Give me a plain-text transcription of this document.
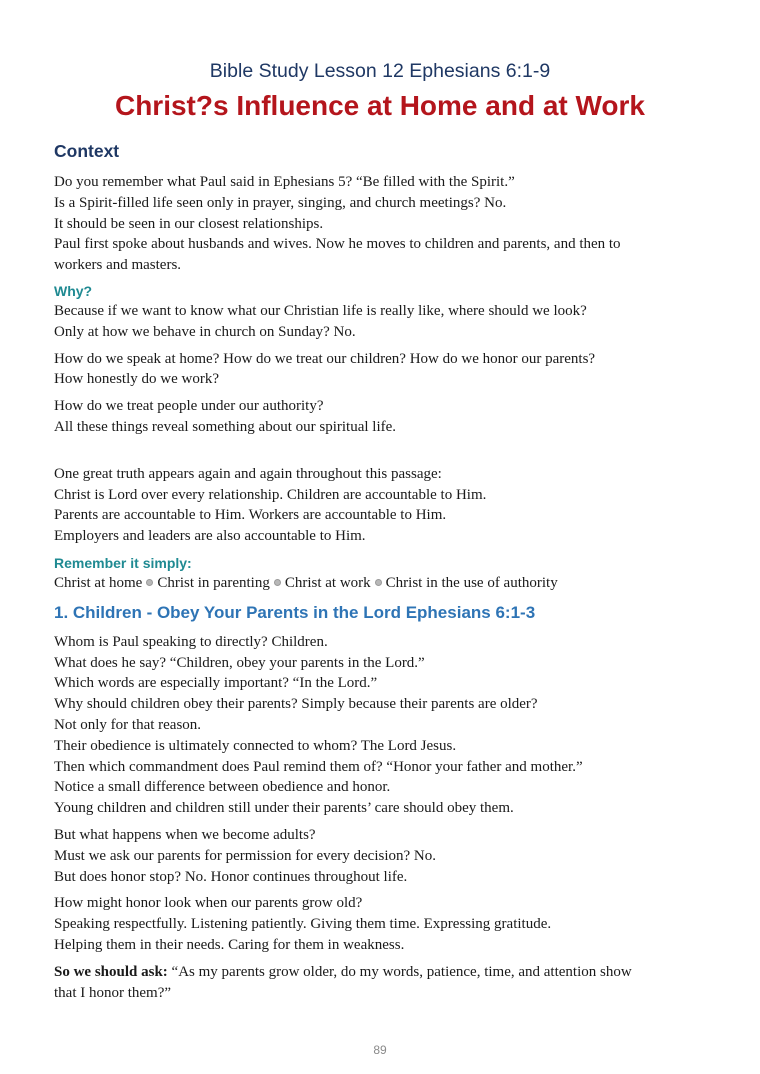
Bible Study Lesson 12 Ephesians 6:1-9
Christ?s Influence at Home and at Work
Context

Do you remember what Paul said in Ephesians 5? “Be filled with the Spirit.”

Is a Spirit-filled life seen only in prayer, singing, and church meetings? No.

It should be seen in our closest relationships.

Paul first spoke about husbands and wives. Now he moves to children and parents, and then to

workers and masters.

Why?

Because if we want to know what our Christian life is really like, where should we look?

Only at how we behave in church on Sunday? No.

How do we speak at home? How do we treat our children? How do we honor our parents?

How honestly do we work?

How do we treat people under our authority?

All these things reveal something about our spiritual life.

One great truth appears again and again throughout this passage:

Christ is Lord over every relationship. Children are accountable to Him.

Parents are accountable to Him. Workers are accountable to Him.

Employers and leaders are also accountable to Him.

Remember it simply:

Christ at home Christ in parenting Christ at work Christ in the use of authority

1. Children - Obey Your Parents in the Lord Ephesians 6:1-3

Whom is Paul speaking to directly? Children.

What does he say? “Children, obey your parents in the Lord.”

Which words are especially important? “In the Lord.”

Why should children obey their parents? Simply because their parents are older?

Not only for that reason.

Their obedience is ultimately connected to whom? The Lord Jesus.

Then which commandment does Paul remind them of? “Honor your father and mother.”

Notice a small difference between obedience and honor.

Young children and children still under their parents’ care should obey them.

But what happens when we become adults?

Must we ask our parents for permission for every decision? No.

But does honor stop? No. Honor continues throughout life.

How might honor look when our parents grow old?

Speaking respectfully. Listening patiently. Giving them time. Expressing gratitude.

Helping them in their needs. Caring for them in weakness.

So we should ask: “As my parents grow older, do my words, patience, time, and attention show

that I honor them?”

89
